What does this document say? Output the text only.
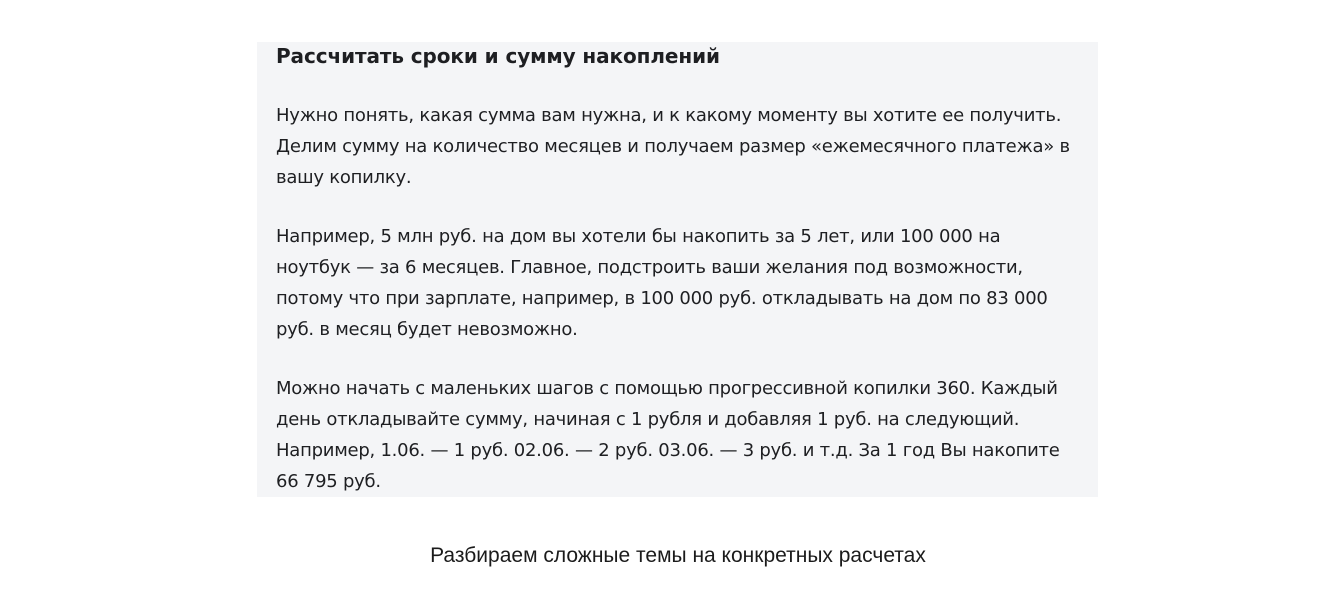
Рассчитать сроки и сумму накоплений

Нужно понять, какая сумма вам нужна, и к какому моменту вы хотите ее получить. Делим сумму на количество месяцев и получаем размер «ежемесячного платежа» в вашу копилку.

Например, 5 млн руб. на дом вы хотели бы накопить за 5 лет, или 100 000 на ноутбук — за 6 месяцев. Главное, подстроить ваши желания под возможности, потому что при зарплате, например, в 100 000 руб. откладывать на дом по 83 000 руб. в месяц будет невозможно.

Можно начать с маленьких шагов с помощью прогрессивной копилки 360. Каждый день откладывайте сумму, начиная с 1 рубля и добавляя 1 руб. на следующий. Например, 1.06. — 1 руб. 02.06. — 2 руб. 03.06. — 3 руб. и т.д. За 1 год Вы накопите 66 795 руб.

Разбираем сложные темы на конкретных расчетах
